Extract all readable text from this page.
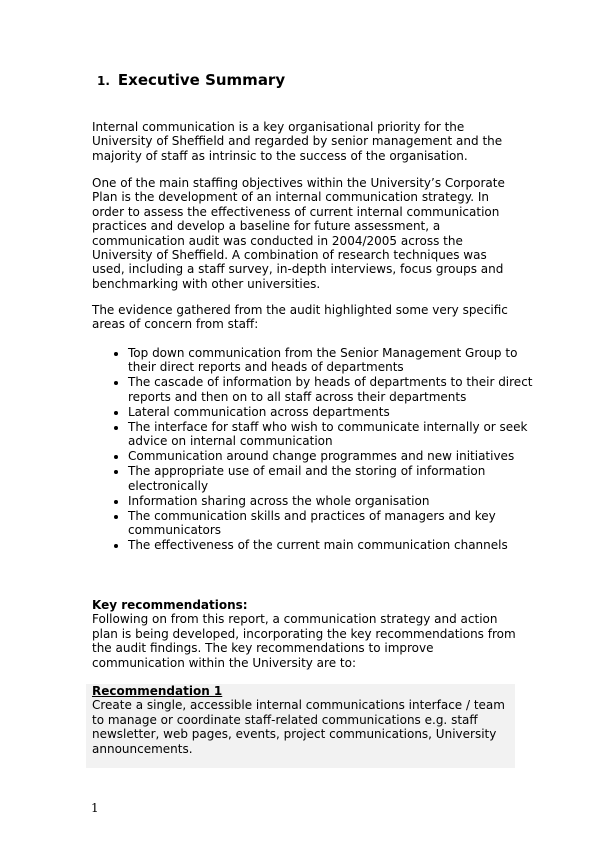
1. Executive Summary

Internal communication is a key organisational priority for the University of Sheffield and regarded by senior management and the majority of staff as intrinsic to the success of the organisation.

One of the main staffing objectives within the University’s Corporate Plan is the development of an internal communication strategy. In order to assess the effectiveness of current internal communication practices and develop a baseline for future assessment, a communication audit was conducted in 2004/2005 across the University of Sheffield. A combination of research techniques was used, including a staff survey, in-depth interviews, focus groups and benchmarking with other universities.

The evidence gathered from the audit highlighted some very specific areas of concern from staff:

• Top down communication from the Senior Management Group to their direct reports and heads of departments
• The cascade of information by heads of departments to their direct reports and then on to all staff across their departments
• Lateral communication across departments
• The interface for staff who wish to communicate internally or seek advice on internal communication
• Communication around change programmes and new initiatives
• The appropriate use of email and the storing of information electronically
• Information sharing across the whole organisation
• The communication skills and practices of managers and key communicators
• The effectiveness of the current main communication channels

Key recommendations:

Following on from this report, a communication strategy and action plan is being developed, incorporating the key recommendations from the audit findings. The key recommendations to improve communication within the University are to:

Recommendation 1

Create a single, accessible internal communications interface / team to manage or coordinate staff-related communications e.g. staff newsletter, web pages, events, project communications, University announcements.

1
